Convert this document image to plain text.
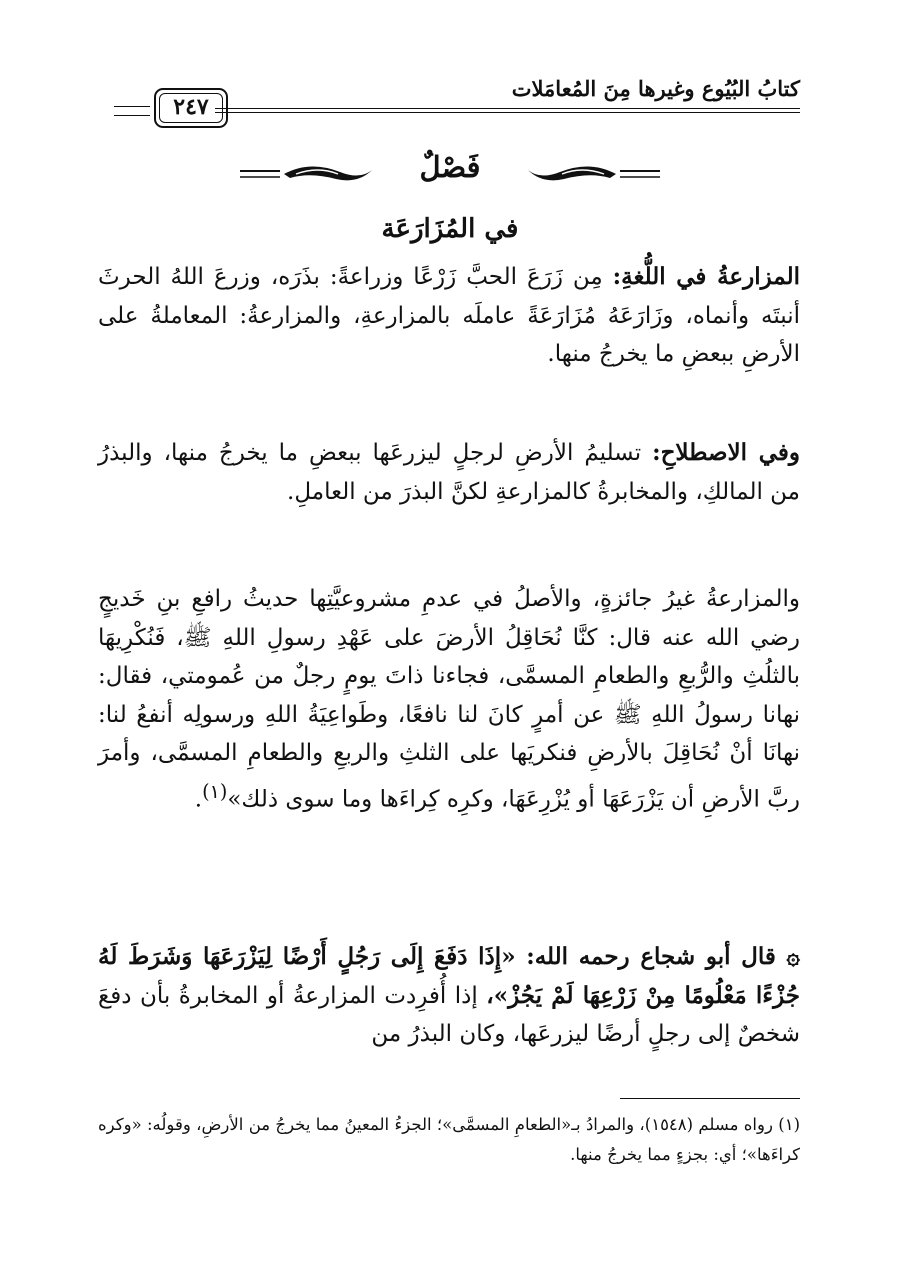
كتابُ البُيُوع وغيرها مِنَ المُعامَلات
٢٤٧
فَصْلٌ
في المُزَارَعَة

المزارعةُ في اللُّغةِ: مِن زَرَعَ الحبَّ زَرْعًا وزراعةً: بذَرَه، وزرعَ اللهُ الحرثَ أنبتَه وأنماه، وزَارَعَهُ مُزَارَعَةً عاملَه بالمزارعةِ، والمزارعةُ: المعاملةُ على الأرضِ ببعضِ ما يخرجُ منها.

وفي الاصطلاحِ: تسليمُ الأرضِ لرجلٍ ليزرعَها ببعضِ ما يخرجُ منها، والبذرُ من المالكِ، والمخابرةُ كالمزارعةِ لكنَّ البذرَ من العاملِ.

والمزارعةُ غيرُ جائزةٍ، والأصلُ في عدمِ مشروعيَّتِها حديثُ رافعِ بنِ خَديجٍ رضي الله عنه قال: كنَّا نُحَاقِلُ الأرضَ على عَهْدِ رسولِ اللهِ ﷺ، فَنُكْرِيهَا بالثلُثِ والرُّبعِ والطعامِ المسمَّى، فجاءنا ذاتَ يومٍ رجلٌ من عُمومتي، فقال: نهانا رسولُ اللهِ ﷺ عن أمرٍ كانَ لنا نافعًا، وطَواعِيَةُ اللهِ ورسولِه أنفعُ لنا: نهانَا أنْ نُحَاقِلَ بالأرضِ فنكريَها على الثلثِ والربعِ والطعامِ المسمَّى، وأمرَ ربَّ الأرضِ أن يَزْرَعَهَا أو يُزْرِعَهَا، وكرِه كِراءَها وما سوى ذلك»$^{(١)}$.

۞ قال أبو شجاع رحمه الله: «إِذَا دَفَعَ إِلَى رَجُلٍ أَرْضًا لِيَزْرَعَهَا وَشَرَطَ لَهُ جُزْءًا مَعْلُومًا مِنْ زَرْعِهَا لَمْ يَجُزْ»، إذا أُفرِدت المزارعةُ أو المخابرةُ بأن دفعَ شخصٌ إلى رجلٍ أرضًا ليزرعَها، وكان البذرُ من

(١) رواه مسلم (١٥٤٨)، والمرادُ بـ«الطعامِ المسمَّى»؛ الجزءُ المعينُ مما يخرجُ من الأرضِ، وقولُه: «وكره كراءَها»؛ أي: بجزءٍ مما يخرجُ منها.
